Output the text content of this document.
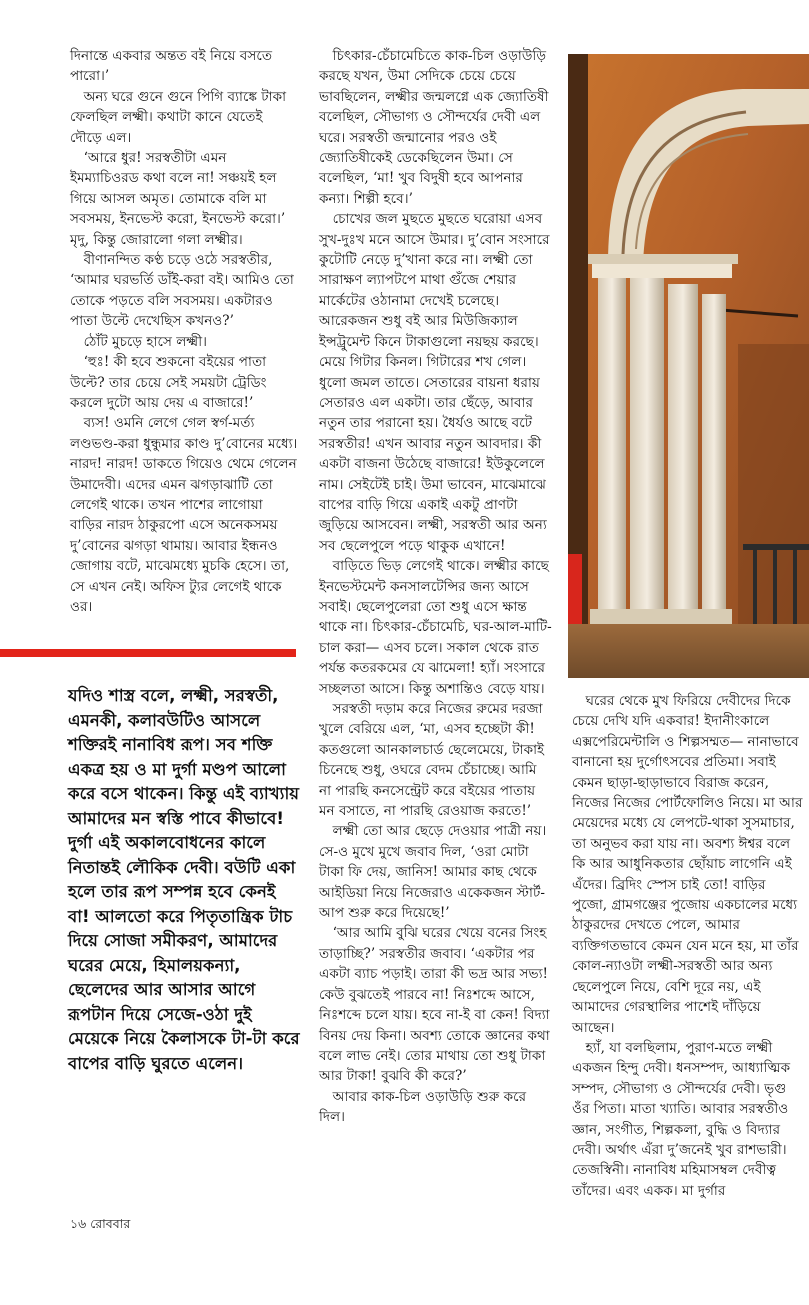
দিনান্তে একবার অন্তত বই নিয়ে বসতে পারো।’

অন্য ঘরে গুনে গুনে পিগি ব্যাঙ্কে টাকা ফেলছিল লক্ষ্মী। কথাটা কানে যেতেই দৌড়ে এল।

‘আরে ধুর! সরস্বতীটা এমন ইমম্যাচিওরড কথা বলে না! সঞ্চয়ই হল গিয়ে আসল অমৃত। তোমাকে বলি মা সবসময়, ইনভেস্ট করো, ইনভেস্ট করো।’ মৃদু, কিন্তু জোরালো গলা লক্ষ্মীর।

বীণানন্দিত কণ্ঠ চড়ে ওঠে সরস্বতীর, ‘আমার ঘরভর্তি ডাঁই-করা বই। আমিও তো তোকে পড়তে বলি সবসময়। একটারও পাতা উল্টে দেখেছিস কখনও?’

ঠোঁট মুচড়ে হাসে লক্ষ্মী।

‘হুঃ! কী হবে শুকনো বইয়ের পাতা উল্টে? তার চেয়ে সেই সময়টা ট্রেডিং করলে দুটো আয় দেয় এ বাজারে!’

ব্যস! ওমনি লেগে গেল স্বর্গ-মর্ত্য লণ্ডভণ্ড-করা ধুন্ধুমার কাণ্ড দু’বোনের মধ্যে। নারদ! নারদ! ডাকতে গিয়েও থেমে গেলেন উমাদেবী। এদের এমন ঝগড়াঝাটি তো লেগেই থাকে। তখন পাশের লাগোয়া বাড়ির নারদ ঠাকুরপো এসে অনেকসময় দু’বোনের ঝগড়া থামায়। আবার ইন্ধনও জোগায় বটে, মাঝেমধ্যে মুচকি হেসে। তা, সে এখন নেই। অফিস ট্যুর লেগেই থাকে ওর।

যদিও শাস্ত্র বলে, লক্ষ্মী, সরস্বতী, এমনকী, কলাবউটিও আসলে শক্তিরই নানাবিধ রূপ। সব শক্তি একত্র হয় ও মা দুর্গা মণ্ডপ আলো করে বসে থাকেন। কিন্তু এই ব্যাখ্যায় আমাদের মন স্বস্তি পাবে কীভাবে! দুর্গা এই অকালবোধনের কালে নিতান্তই লৌকিক দেবী। বউটি একা হলে তার রূপ সম্পন্ন হবে কেনই বা! আলতো করে পিতৃতান্ত্রিক টাচ দিয়ে সোজা সমীকরণ, আমাদের ঘরের মেয়ে, হিমালয়কন্যা, ছেলেদের আর আসার আগে রূপটান দিয়ে সেজে-ওঠা দুই মেয়েকে নিয়ে কৈলাসকে টা-টা করে বাপের বাড়ি ঘুরতে এলেন।

চিৎকার-চেঁচামেচিতে কাক-চিল ওড়াউড়ি করছে যখন, উমা সেদিকে চেয়ে চেয়ে ভাবছিলেন, লক্ষ্মীর জন্মলগ্নে এক জ্যোতিষী বলেছিল, সৌভাগ্য ও সৌন্দর্যের দেবী এল ঘরে। সরস্বতী জন্মানোর পরও ওই জ্যোতিষীকেই ডেকেছিলেন উমা। সে বলেছিল, ‘মা! খুব বিদুষী হবে আপনার কন্যা। শিল্পী হবে।’

চোখের জল মুছতে মুছতে ঘরোয়া এসব সুখ-দুঃখ মনে আসে উমার। দু’বোন সংসারে কুটোটি নেড়ে দু’খানা করে না। লক্ষ্মী তো সারাক্ষণ ল্যাপটপে মাথা গুঁজে শেয়ার মার্কেটের ওঠানামা দেখেই চলেছে। আরেকজন শুধু বই আর মিউজিক্যাল ইন্সট্রুমেন্ট কিনে টাকাগুলো নয়ছয় করছে। মেয়ে গিটার কিনল। গিটারের শখ গেল। ধুলো জমল তাতে। সেতারের বায়না ধরায় সেতারও এল একটা। তার ছেঁড়ে, আবার নতুন তার পরানো হয়। ধৈর্যও আছে বটে সরস্বতীর! এখন আবার নতুন আবদার। কী একটা বাজনা উঠেছে বাজারে! ইউকুলেলে নাম। সেইটেই চাই। উমা ভাবেন, মাঝেমাঝে বাপের বাড়ি গিয়ে একাই একটু প্রাণটা জুড়িয়ে আসবেন। লক্ষ্মী, সরস্বতী আর অন্য সব ছেলেপুলে পড়ে থাকুক এখানে!

বাড়িতে ভিড় লেগেই থাকে। লক্ষ্মীর কাছে ইনভেস্টমেন্ট কনসালটেন্সির জন্য আসে সবাই। ছেলেপুলেরা তো শুধু এসে ক্ষান্ত থাকে না। চিৎকার-চেঁচামেচি, ঘর-আল-মাটি-চাল করা— এসব চলে। সকাল থেকে রাত পর্যন্ত কতরকমের যে ঝামেলা! হ্যাঁ। সংসারে সচ্ছলতা আসে। কিন্তু অশান্তিও বেড়ে যায়।

সরস্বতী দড়াম করে নিজের রুমের দরজা খুলে বেরিয়ে এল, ‘মা, এসব হচ্ছেটা কী! কতগুলো আনকালচার্ড ছেলেমেয়ে, টাকাই চিনেছে শুধু, ওঘরে বেদম চেঁচাচ্ছে। আমি না পারছি কনসেন্ট্রেট করে বইয়ের পাতায় মন বসাতে, না পারছি রেওয়াজ করতে!’

লক্ষ্মী তো আর ছেড়ে দেওয়ার পাত্রী নয়। সে-ও মুখে মুখে জবাব দিল, ‘ওরা মোটা টাকা ফি দেয়, জানিস! আমার কাছ থেকে আইডিয়া নিয়ে নিজেরাও একেকজন স্টার্ট-আপ শুরু করে দিয়েছে!’

‘আর আমি বুঝি ঘরের খেয়ে বনের সিংহ তাড়াচ্ছি?’ সরস্বতীর জবাব। ‘একটার পর একটা ব্যাচ পড়াই। তারা কী ভদ্র আর সভ্য! কেউ বুঝতেই পারবে না! নিঃশব্দে আসে, নিঃশব্দে চলে যায়। হবে না-ই বা কেন! বিদ্যা বিনয় দেয় কিনা। অবশ্য তোকে জ্ঞানের কথা বলে লাভ নেই। তোর মাথায় তো শুধু টাকা আর টাকা! বুঝবি কী করে?’

আবার কাক-চিল ওড়াউড়ি শুরু করে দিল।

ঘরের থেকে মুখ ফিরিয়ে দেবীদের দিকে চেয়ে দেখি যদি একবার! ইদানীংকালে এক্সপেরিমেন্টালি ও শিল্পসম্মত— নানাভাবে বানানো হয় দুর্গোৎসবের প্রতিমা। সবাই কেমন ছাড়া-ছাড়াভাবে বিরাজ করেন, নিজের নিজের পোর্টফোলিও নিয়ে। মা আর মেয়েদের মধ্যে যে লেপটে-থাকা সুসমাচার, তা অনুভব করা যায় না। অবশ্য ঈশ্বর বলে কি আর আধুনিকতার ছোঁয়াচ লাগেনি এই এঁদের। ব্রিদিং স্পেস চাই তো! বাড়ির পুজো, গ্রামগঞ্জের পুজোয় একচালের মধ্যে ঠাকুরদের দেখতে পেলে, আমার ব্যক্তিগতভাবে কেমন যেন মনে হয়, মা তাঁর কোল-ন্যাওটা লক্ষ্মী-সরস্বতী আর অন্য ছেলেপুলে নিয়ে, বেশি দূরে নয়, এই আমাদের গেরস্থালির পাশেই দাঁড়িয়ে আছেন।

হ্যাঁ, যা বলছিলাম, পুরাণ-মতে লক্ষ্মী একজন হিন্দু দেবী। ধনসম্পদ, আধ্যাত্মিক সম্পদ, সৌভাগ্য ও সৌন্দর্যের দেবী। ভৃগু ওঁর পিতা। মাতা খ্যাতি। আবার সরস্বতীও জ্ঞান, সংগীত, শিল্পকলা, বুদ্ধি ও বিদ্যার দেবী। অর্থাৎ এঁরা দু’জনেই খুব রাশভারী। তেজস্বিনী। নানাবিধ মহিমাসম্বল দেবীত্ব তাঁদের। এবং একক। মা দুর্গার

১৬ রোববার
